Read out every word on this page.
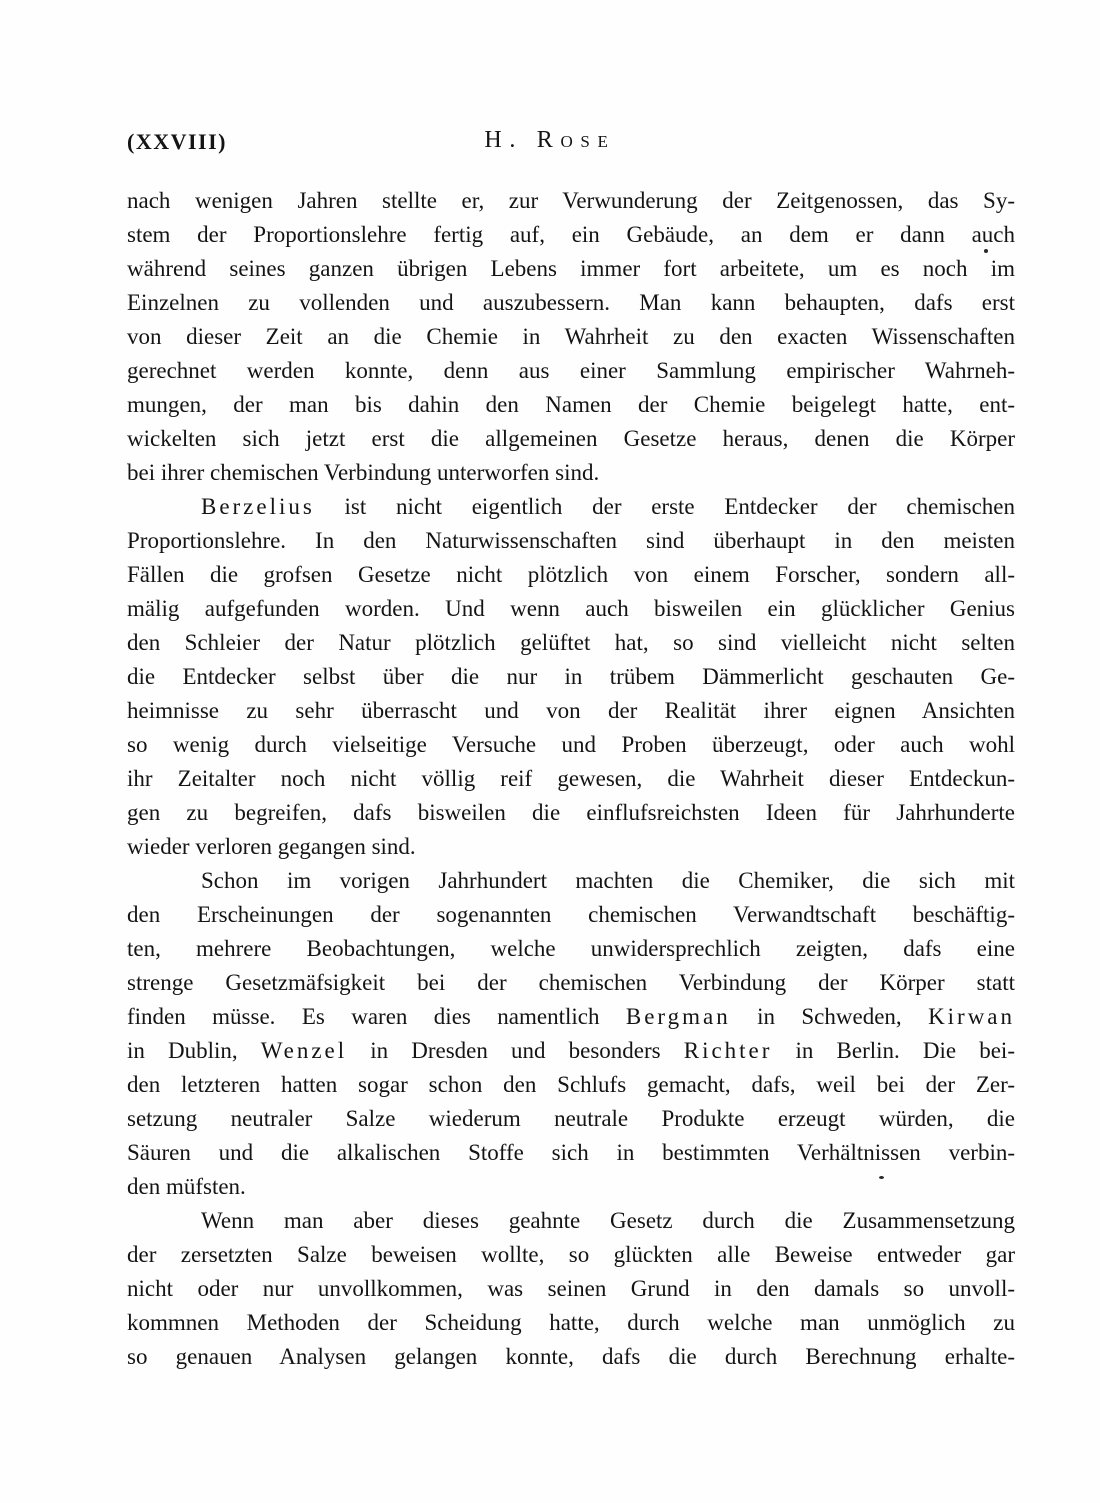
(XXVIII)	H. Rose
nach wenigen Jahren stellte er, zur Verwunderung der Zeitgenossen, das Sy-
stem der Proportionslehre fertig auf, ein Gebäude, an dem er dann auch
während seines ganzen übrigen Lebens immer fort arbeitete, um es noch im
Einzelnen zu vollenden und auszubessern. Man kann behaupten, dafs erst
von dieser Zeit an die Chemie in Wahrheit zu den exacten Wissenschaften
gerechnet werden konnte, denn aus einer Sammlung empirischer Wahrneh-
mungen, der man bis dahin den Namen der Chemie beigelegt hatte, ent-
wickelten sich jetzt erst die allgemeinen Gesetze heraus, denen die Körper
bei ihrer chemischen Verbindung unterworfen sind.
Berzelius ist nicht eigentlich der erste Entdecker der chemischen
Proportionslehre. In den Naturwissenschaften sind überhaupt in den meisten
Fällen die grofsen Gesetze nicht plötzlich von einem Forscher, sondern all-
mälig aufgefunden worden. Und wenn auch bisweilen ein glücklicher Genius
den Schleier der Natur plötzlich gelüftet hat, so sind vielleicht nicht selten
die Entdecker selbst über die nur in trübem Dämmerlicht geschauten Ge-
heimnisse zu sehr überrascht und von der Realität ihrer eignen Ansichten
so wenig durch vielseitige Versuche und Proben überzeugt, oder auch wohl
ihr Zeitalter noch nicht völlig reif gewesen, die Wahrheit dieser Entdeckun-
gen zu begreifen, dafs bisweilen die einflufsreichsten Ideen für Jahrhunderte
wieder verloren gegangen sind.
Schon im vorigen Jahrhundert machten die Chemiker, die sich mit
den Erscheinungen der sogenannten chemischen Verwandtschaft beschäftig-
ten, mehrere Beobachtungen, welche unwidersprechlich zeigten, dafs eine
strenge Gesetzmäfsigkeit bei der chemischen Verbindung der Körper statt
finden müsse. Es waren dies namentlich Bergman in Schweden, Kirwan
in Dublin, Wenzel in Dresden und besonders Richter in Berlin. Die bei-
den letzteren hatten sogar schon den Schlufs gemacht, dafs, weil bei der Zer-
setzung neutraler Salze wiederum neutrale Produkte erzeugt würden, die
Säuren und die alkalischen Stoffe sich in bestimmten Verhältnissen verbin-
den müfsten.
Wenn man aber dieses geahnte Gesetz durch die Zusammensetzung
der zersetzten Salze beweisen wollte, so glückten alle Beweise entweder gar
nicht oder nur unvollkommen, was seinen Grund in den damals so unvoll-
kommnen Methoden der Scheidung hatte, durch welche man unmöglich zu
so genauen Analysen gelangen konnte, dafs die durch Berechnung erhalte-
